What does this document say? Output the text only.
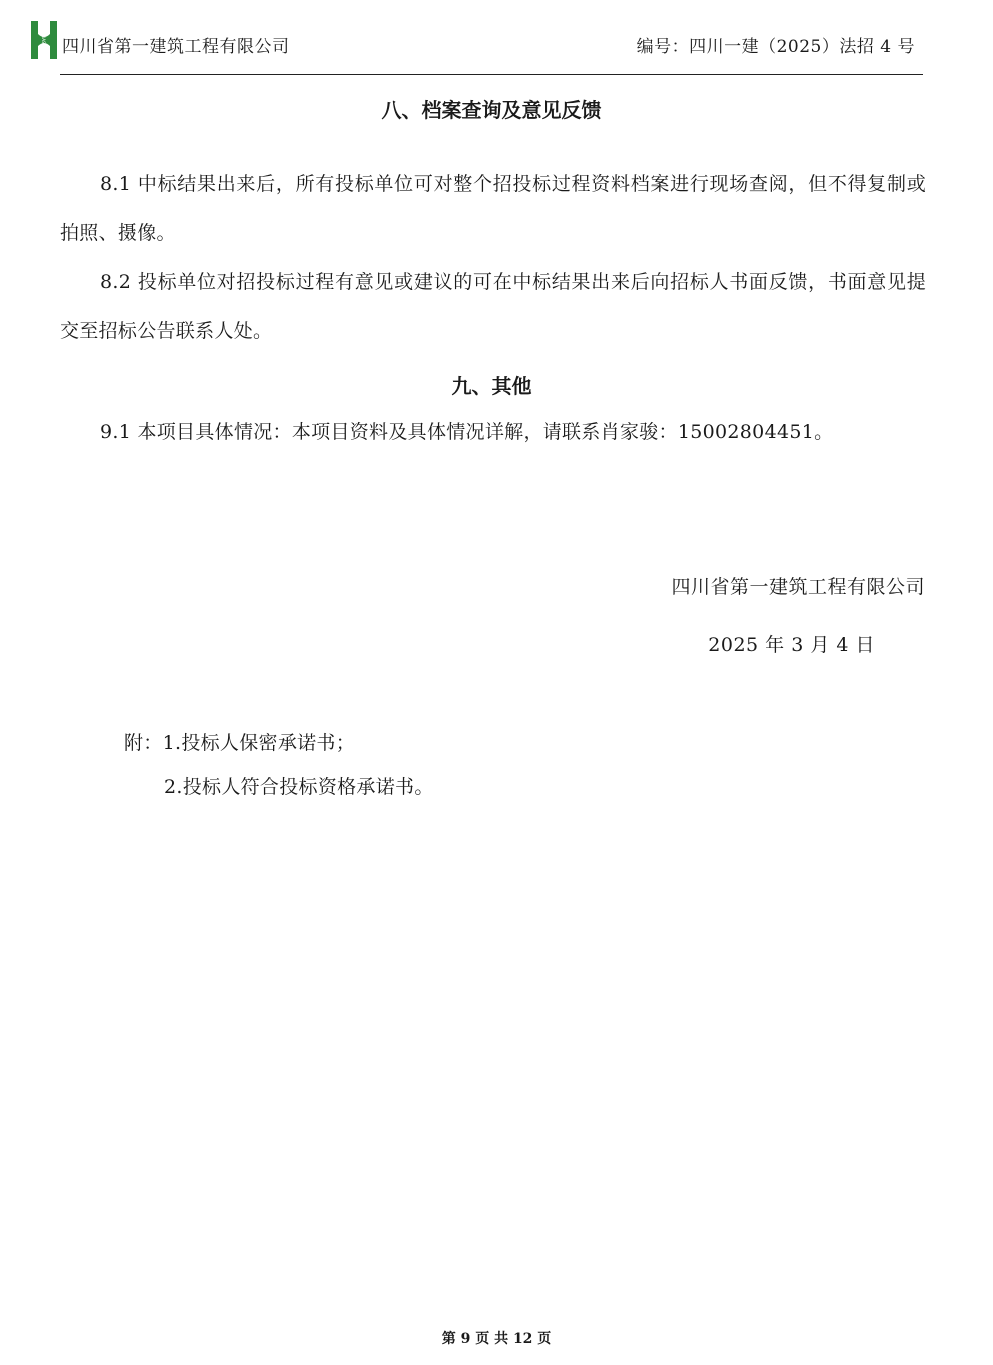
HUASHI 四川省第一建筑工程有限公司	编号：四川一建（2025）法招 4 号
八、档案查询及意见反馈
8.1 中标结果出来后，所有投标单位可对整个招投标过程资料档案进行现场查阅，但不得复制或拍照、摄像。
8.2 投标单位对招投标过程有意见或建议的可在中标结果出来后向招标人书面反馈，书面意见提交至招标公告联系人处。
九、其他
9.1 本项目具体情况：本项目资料及具体情况详解，请联系肖家骏：15002804451。
四川省第一建筑工程有限公司
2025 年 3 月 4 日
附：1.投标人保密承诺书；
2.投标人符合投标资格承诺书。
第 9 页 共 12 页
